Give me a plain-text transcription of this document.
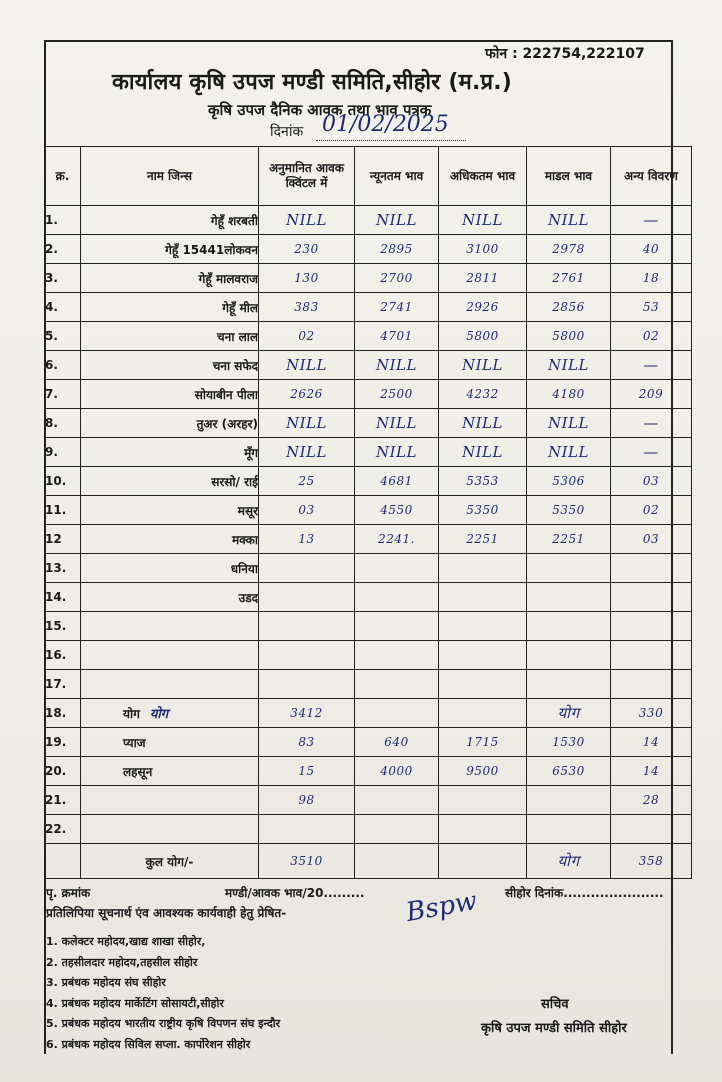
फोन : 222754,222107
कार्यालय कृषि उपज मण्डी समिति,सीहोर (म.प्र.)
कृषि उपज दैनिक आवक तथा भाव पत्रक
दिनांक 01/02/2025
क्र.	नाम जिन्स	अनुमानित आवक क्विंटल में	न्यूनतम भाव	अधिकतम भाव	माडल भाव	अन्य विवरण
1.	गेहूँ शरबती	NILL	NILL	NILL	NILL	—
2.	गेहूँ 15441लोकवन	230	2895	3100	2978	40
3.	गेहूँ मालवराज	130	2700	2811	2761	18
4.	गेहूँ मील	383	2741	2926	2856	53
5.	चना लाल	02	4701	5800	5800	02
6.	चना सफेद	NILL	NILL	NILL	NILL	—
7.	सोयाबीन पीला	2626	2500	4232	4180	209
8.	तुअर (अरहर)	NILL	NILL	NILL	NILL	—
9.	मूँग	NILL	NILL	NILL	NILL	—
10.	सरसो/ राई	25	4681	5353	5306	03
11.	मसूर	03	4550	5350	5350	02
12	मक्का	13	2241.	2251	2251	03
13.	धनिया					
14.	उडद					
15.						
16.						
17.						
18.	योग योग	3412			योग	330
19.	प्याज	83	640	1715	1530	14
20.	लहसून	15	4000	9500	6530	14
21.		98				28
22.						
	कुल योग/-	3510			योग	358
पृ. क्रमांक	मण्डी/आवक भाव/20.........	सीहोर दिनांक......................
प्रतिलिपिया सूचनार्थ एंव आवश्यक कार्यवाही हेतु प्रेषित-
1. कलेक्टर महोदय,खाद्य शाखा सीहोर,
2. तहसीलदार महोदय,तहसील सीहोर
3. प्रबंधक महोदय संघ सीहोर
4. प्रबंधक महोदय मार्केटिंग सोसायटी,सीहोर
5. प्रबंधक महोदय भारतीय राष्ट्रीय कृषि विपणन संघ इन्दौर
6. प्रबंधक महोदय सिविल सप्ला. कार्पोरेशन सीहोर
Bspw
सचिव
कृषि उपज मण्डी समिति सीहोर
